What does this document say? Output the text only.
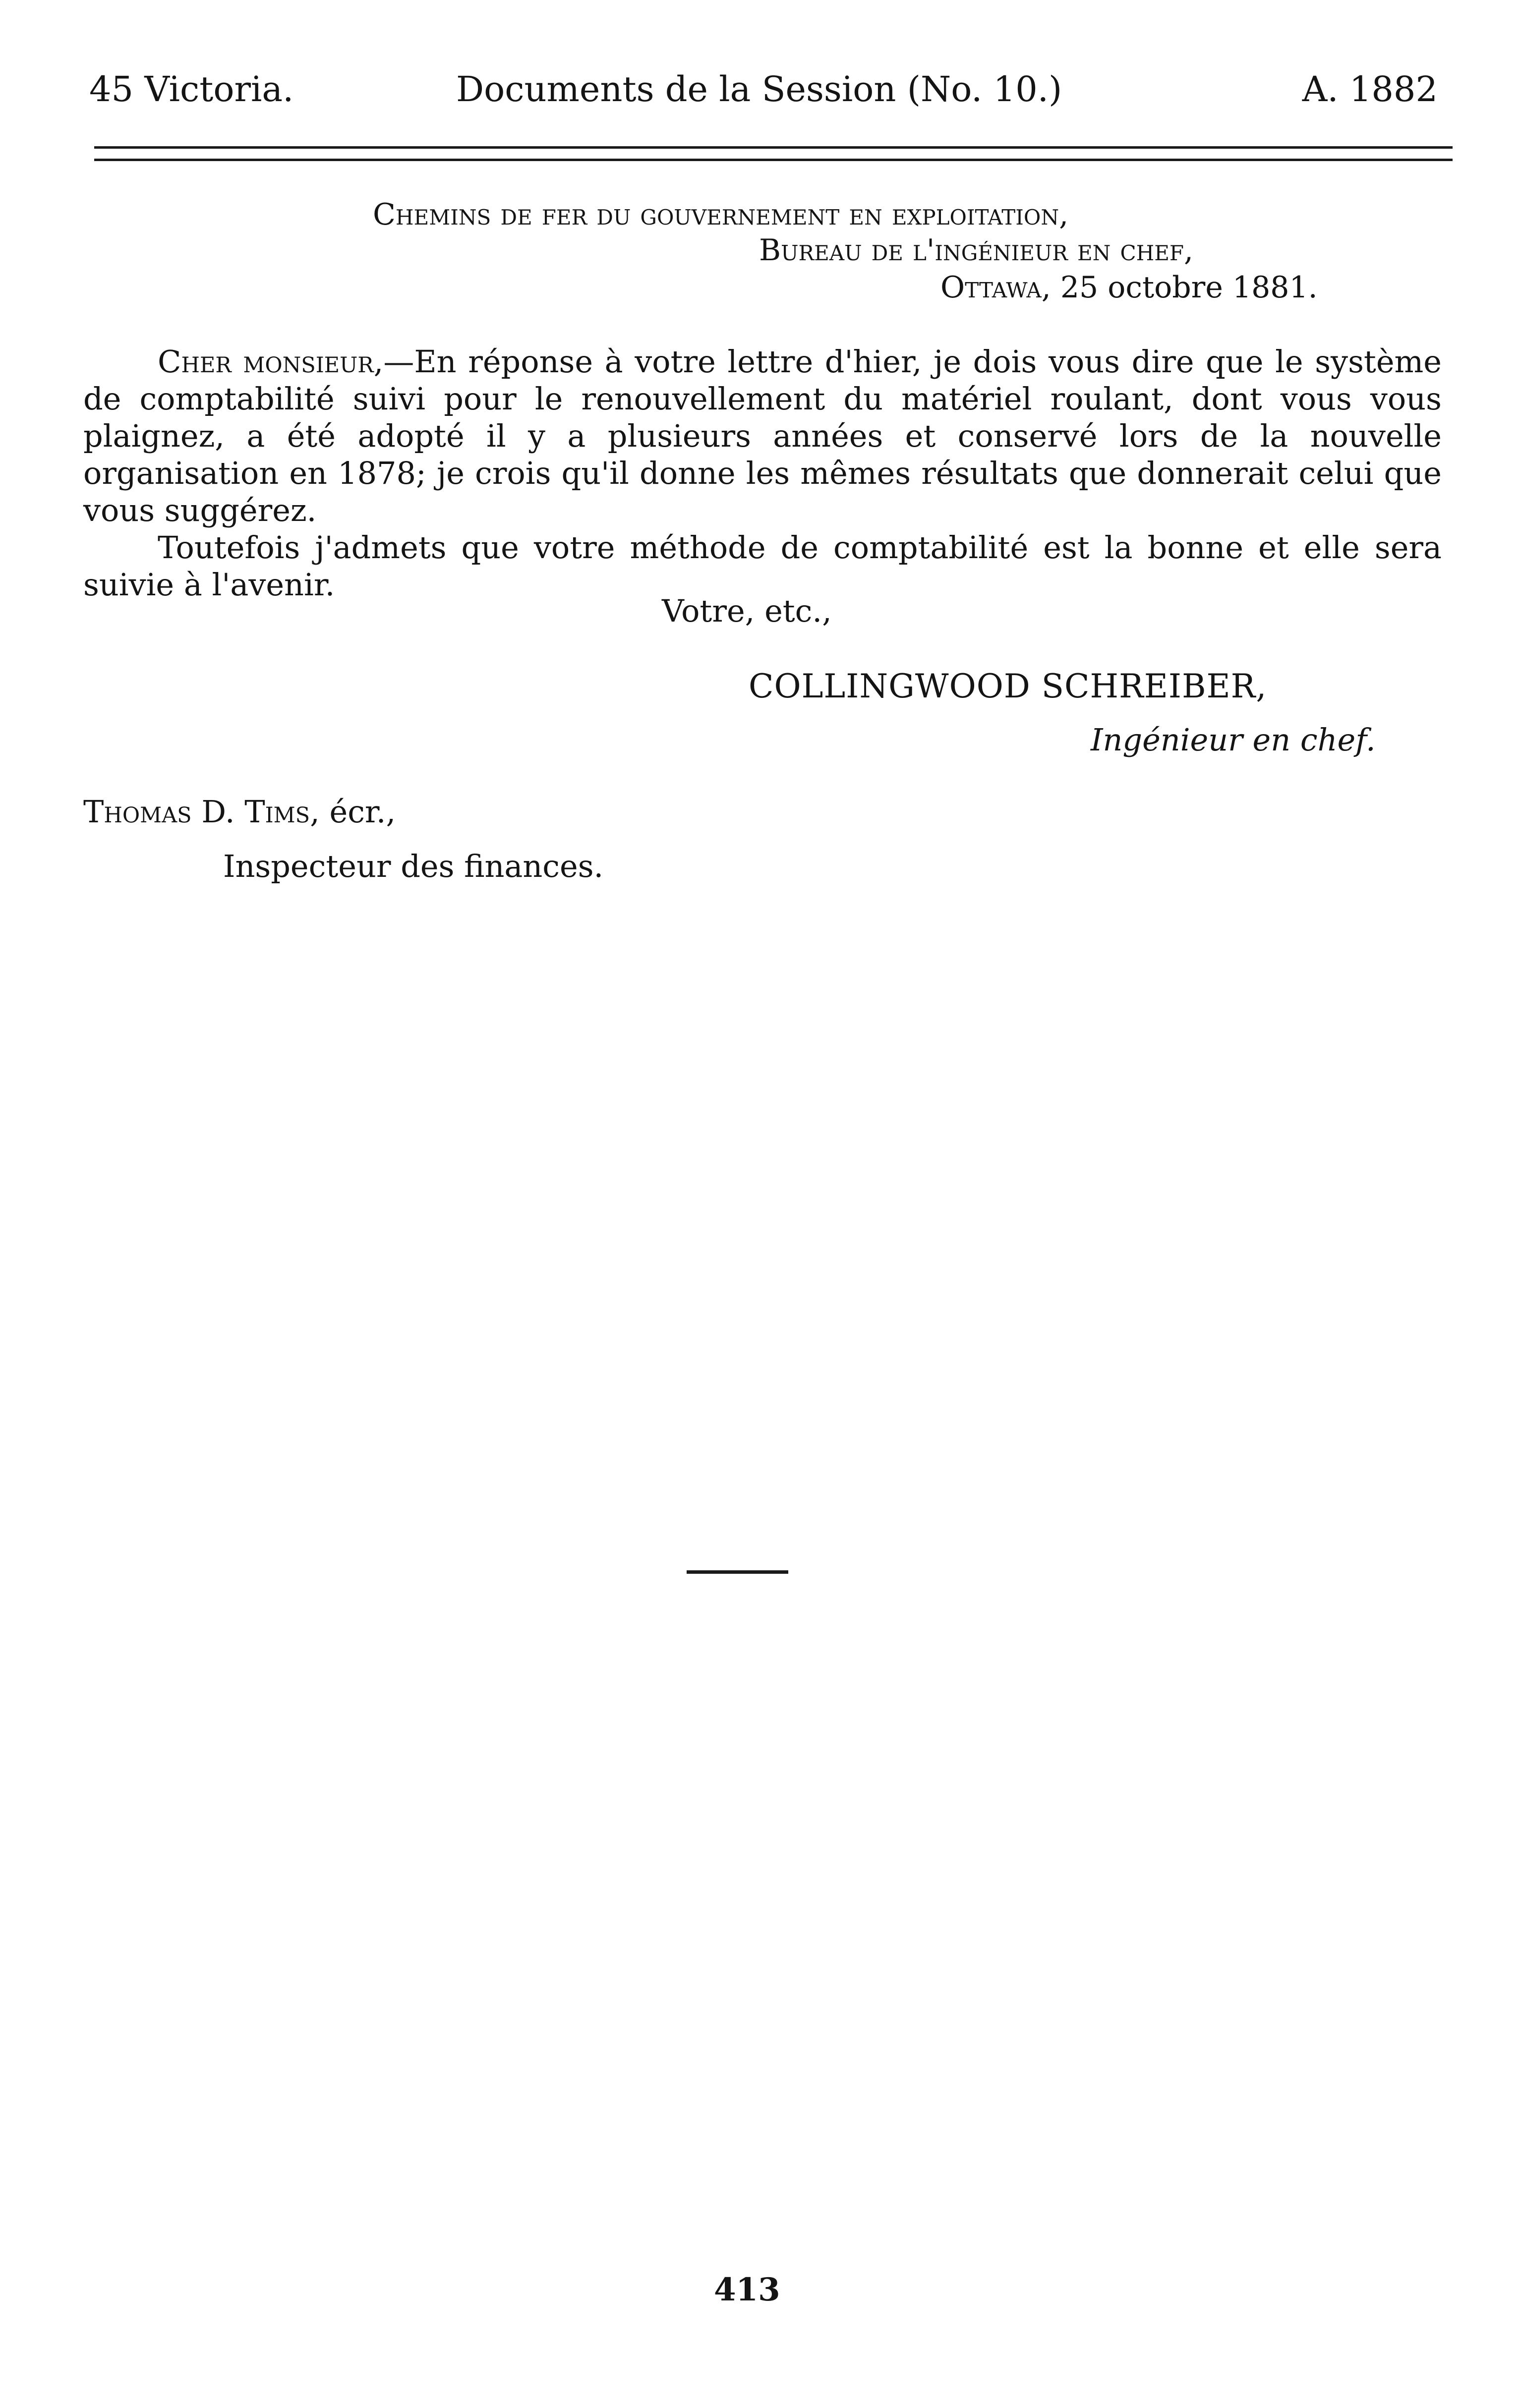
45 Victoria.	Documents de la Session (No. 10.)	A. 1882
Chemins de fer du gouvernement en exploitation,
Bureau de l'ingénieur en chef,
Ottawa, 25 octobre 1881.

Cher monsieur,—En réponse à votre lettre d'hier, je dois vous dire que le système de comptabilité suivi pour le renouvellement du matériel roulant, dont vous vous plaignez, a été adopté il y a plusieurs années et conservé lors de la nouvelle organisation en 1878; je crois qu'il donne les mêmes résultats que donnerait celui que vous suggérez.

Toutefois j'admets que votre méthode de comptabilité est la bonne et elle sera suivie à l'avenir.

Votre, etc.,
COLLINGWOOD SCHREIBER,
Ingénieur en chef.
Thomas D. Tims, écr.,
Inspecteur des finances.
413
